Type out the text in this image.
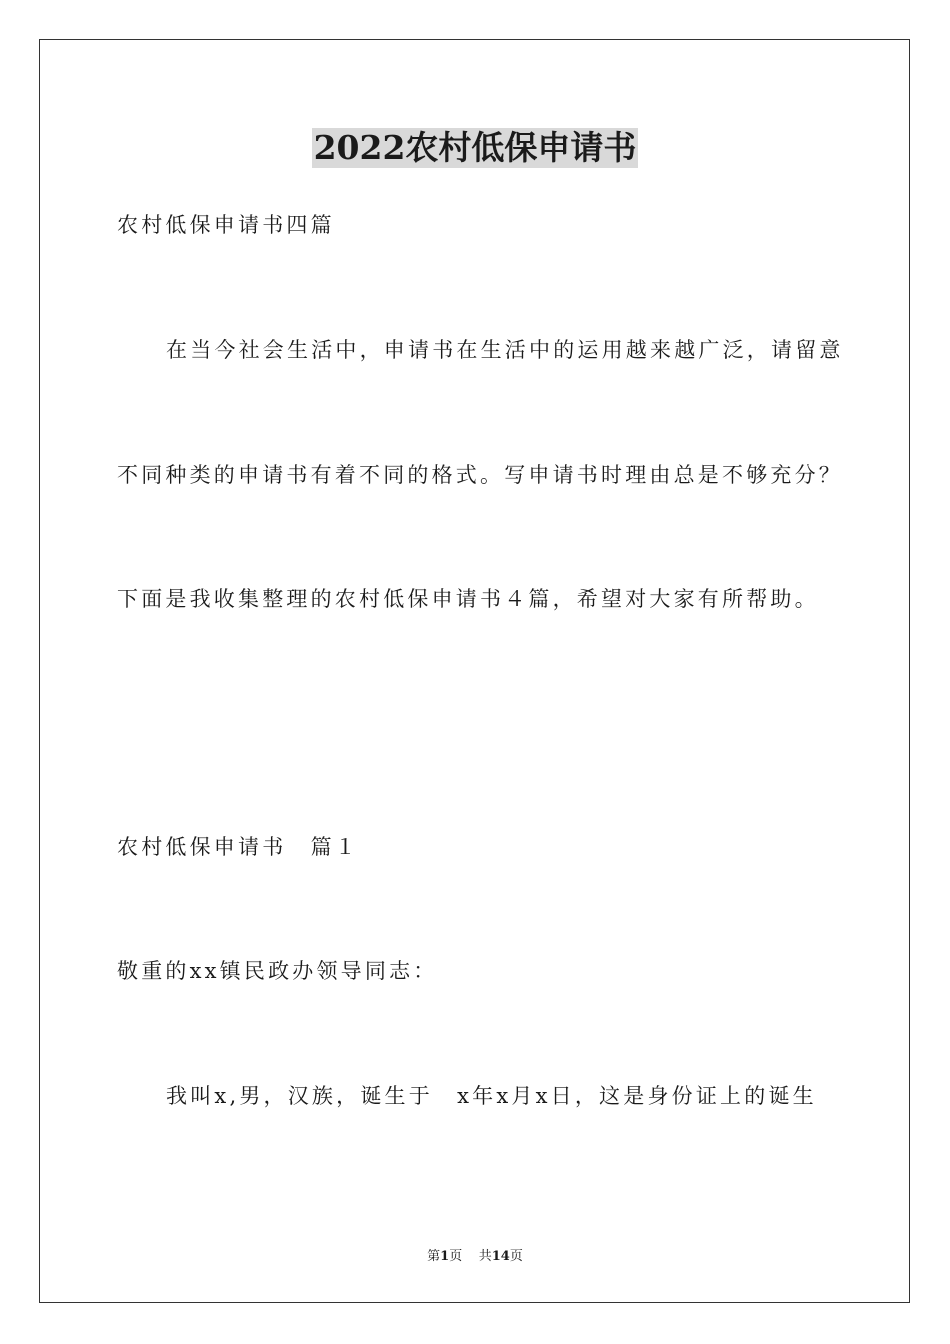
2022农村低保申请书
农村低保申请书四篇
在当今社会生活中，申请书在生活中的运用越来越广泛，请留意
不同种类的申请书有着不同的格式。写申请书时理由总是不够充分？
下面是我收集整理的农村低保申请书４篇，希望对大家有所帮助。
农村低保申请书　篇１
敬重的xx镇民政办领导同志：
我叫x,男，汉族，诞生于　x年x月x日，这是身份证上的诞生
第1页 共14页
